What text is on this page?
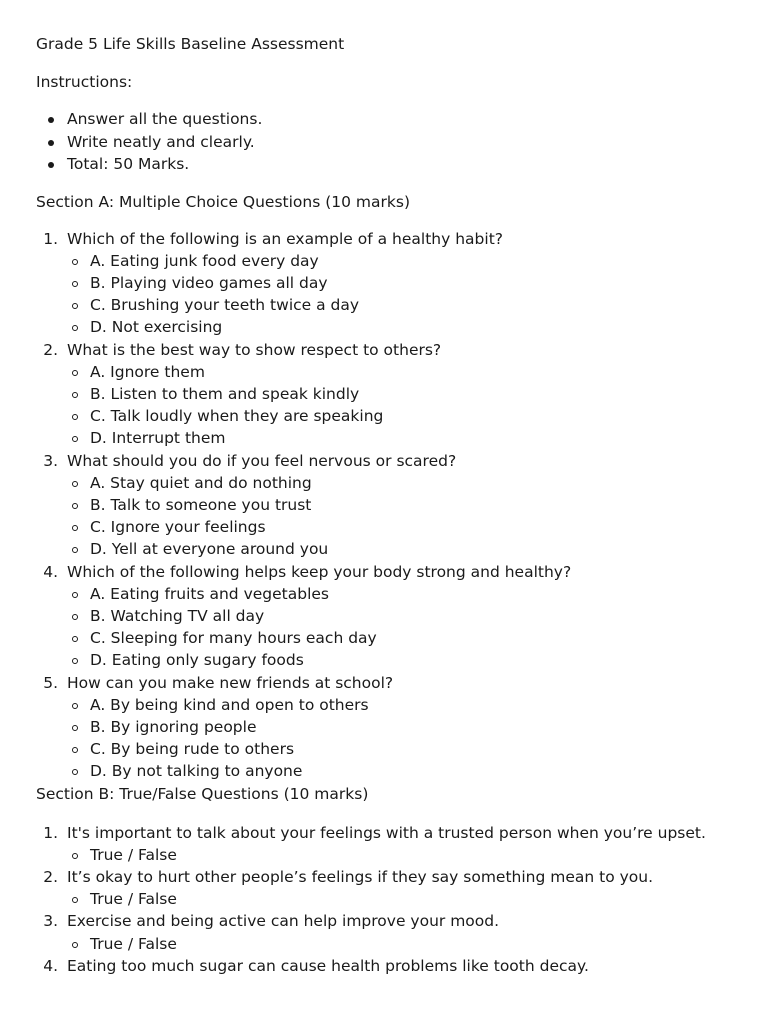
Grade 5 Life Skills Baseline Assessment

Instructions:

Answer all the questions.
Write neatly and clearly.
Total: 50 Marks.

Section A: Multiple Choice Questions (10 marks)

1. Which of the following is an example of a healthy habit?
A. Eating junk food every day
B. Playing video games all day
C. Brushing your teeth twice a day
D. Not exercising
2. What is the best way to show respect to others?
A. Ignore them
B. Listen to them and speak kindly
C. Talk loudly when they are speaking
D. Interrupt them
3. What should you do if you feel nervous or scared?
A. Stay quiet and do nothing
B. Talk to someone you trust
C. Ignore your feelings
D. Yell at everyone around you
4. Which of the following helps keep your body strong and healthy?
A. Eating fruits and vegetables
B. Watching TV all day
C. Sleeping for many hours each day
D. Eating only sugary foods
5. How can you make new friends at school?
A. By being kind and open to others
B. By ignoring people
C. By being rude to others
D. By not talking to anyone

Section B: True/False Questions (10 marks)

1. It's important to talk about your feelings with a trusted person when you’re upset.
True / False
2. It’s okay to hurt other people’s feelings if they say something mean to you.
True / False
3. Exercise and being active can help improve your mood.
True / False
4. Eating too much sugar can cause health problems like tooth decay.
